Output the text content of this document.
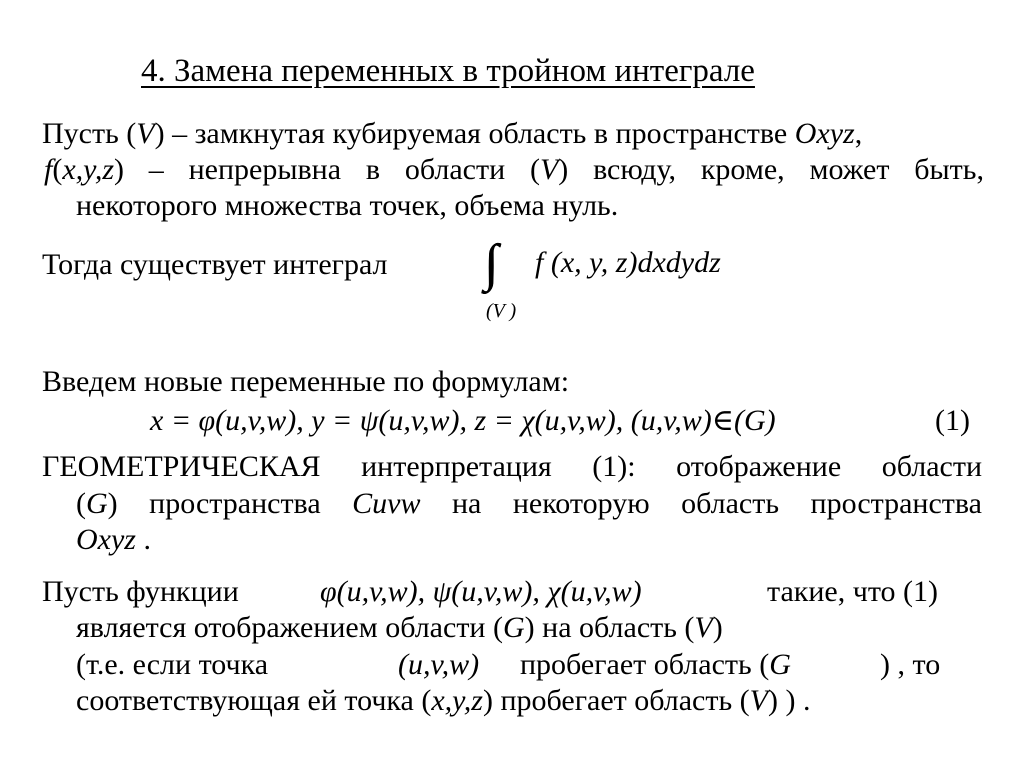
4. Замена переменных в тройном интеграле
Пусть (V) – замкнутая кубируемая область в пространстве Oxyz,
f(x,y,z) – непрерывна в области (V) всюду, кроме, может быть,
некоторого множества точек, объема нуль.
Тогда существует интеграл ∫∫∫ f (x, y, z)dxdydz
(V )
Введем новые переменные по формулам:
x = φ(u,v,w), y = ψ(u,v,w), z = χ(u,v,w), (u,v,w)∈(G)	(1)
ГЕОМЕТРИЧЕСКАЯ интерпретация (1): отображение области
(G) пространства Cuvw на некоторую область пространства
Oxyz .
Пусть функции	φ(u,v,w), ψ(u,v,w), χ(u,v,w)	такие, что (1)
является отображением области (G) на область (V)
(т.е. если точка	(u,v,w) пробегает область (G	) , то
соответствующая ей точка (x,y,z) пробегает область (V) ) .
